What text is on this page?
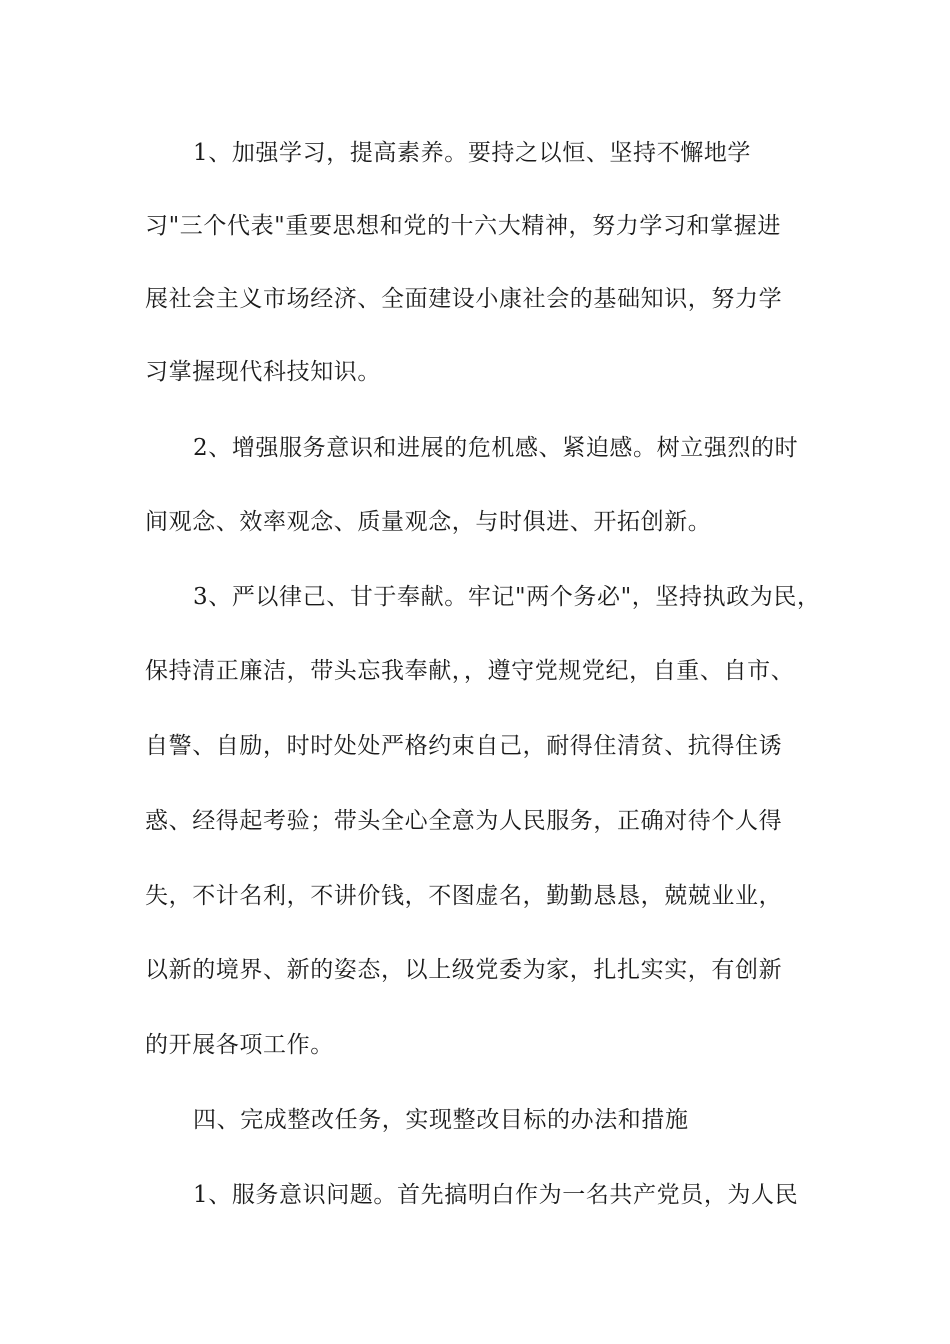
1、加强学习，提高素养。要持之以恒、坚持不懈地学
习"三个代表"重要思想和党的十六大精神，努力学习和掌握进
展社会主义市场经济、全面建设小康社会的基础知识，努力学
习掌握现代科技知识。
2、增强服务意识和进展的危机感、紧迫感。树立强烈的时
间观念、效率观念、质量观念，与时俱进、开拓创新。
3、严以律己、甘于奉献。牢记"两个务必"，坚持执政为民，
保持清正廉洁，带头忘我奉献，，遵守党规党纪，自重、自市、
自警、自励，时时处处严格约束自己，耐得住清贫、抗得住诱
惑、经得起考验；带头全心全意为人民服务，正确对待个人得
失，不计名利，不讲价钱，不图虚名，勤勤恳恳，兢兢业业，
以新的境界、新的姿态，以上级党委为家，扎扎实实，有创新
的开展各项工作。
四、完成整改任务，实现整改目标的办法和措施
1、服务意识问题。首先搞明白作为一名共产党员，为人民
